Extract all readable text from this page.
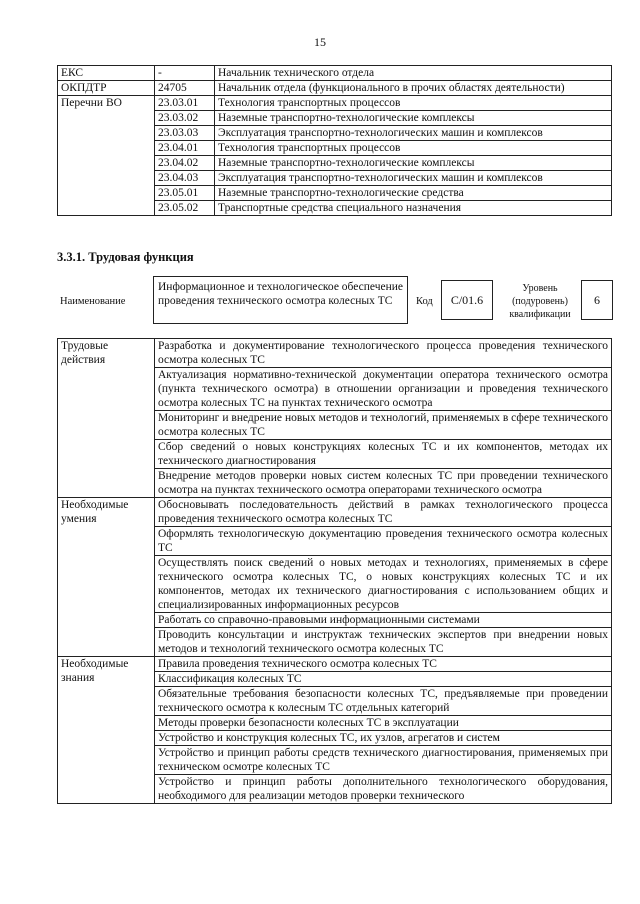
15
ЕКС	-	Начальник технического отдела
ОКПДТР	24705	Начальник отдела (функционального в прочих областях деятельности)
Перечни ВО	23.03.01	Технология транспортных процессов
	23.03.02	Наземные транспортно-технологические комплексы
	23.03.03	Эксплуатация транспортно-технологических машин и комплексов
	23.04.01	Технология транспортных процессов
	23.04.02	Наземные транспортно-технологические комплексы
	23.04.03	Эксплуатация транспортно-технологических машин и комплексов
	23.05.01	Наземные транспортно-технологические средства
	23.05.02	Транспортные средства специального назначения
3.3.1. Трудовая функция
Наименование
Информационное и технологическое обеспечение проведения технического осмотра колесных ТС	Код	C/01.6
Уровень (подуровень) квалификации
6
Трудовые действия	Разработка и документирование технологического процесса проведения технического осмотра колесных ТС
	Актуализация нормативно-технической документации оператора технического осмотра (пункта технического осмотра) в отношении организации и проведения технического осмотра колесных ТС на пунктах технического осмотра
	Мониторинг и внедрение новых методов и технологий, применяемых в сфере технического осмотра колесных ТС
	Сбор сведений о новых конструкциях колесных ТС и их компонентов, методах их технического диагностирования
	Внедрение методов проверки новых систем колесных ТС при проведении технического осмотра на пунктах технического осмотра операторами технического осмотра
Необходимые умения	Обосновывать последовательность действий в рамках технологического процесса проведения технического осмотра колесных ТС
	Оформлять технологическую документацию проведения технического осмотра колесных ТС
	Осуществлять поиск сведений о новых методах и технологиях, применяемых в сфере технического осмотра колесных ТС, о новых конструкциях колесных ТС и их компонентов, методах их технического диагностирования с использованием общих и специализированных информационных ресурсов
	Работать со справочно-правовыми информационными системами
	Проводить консультации и инструктаж технических экспертов при внедрении новых методов и технологий технического осмотра колесных ТС
Необходимые знания	Правила проведения технического осмотра колесных ТС
	Классификация колесных ТС
	Обязательные требования безопасности колесных ТС, предъявляемые при проведении технического осмотра к колесным ТС отдельных категорий
	Методы проверки безопасности колесных ТС в эксплуатации
	Устройство и конструкция колесных ТС, их узлов, агрегатов и систем
	Устройство и принцип работы средств технического диагностирования, применяемых при техническом осмотре колесных ТС
	Устройство и принцип работы дополнительного технологического оборудования, необходимого для реализации методов проверки технического
